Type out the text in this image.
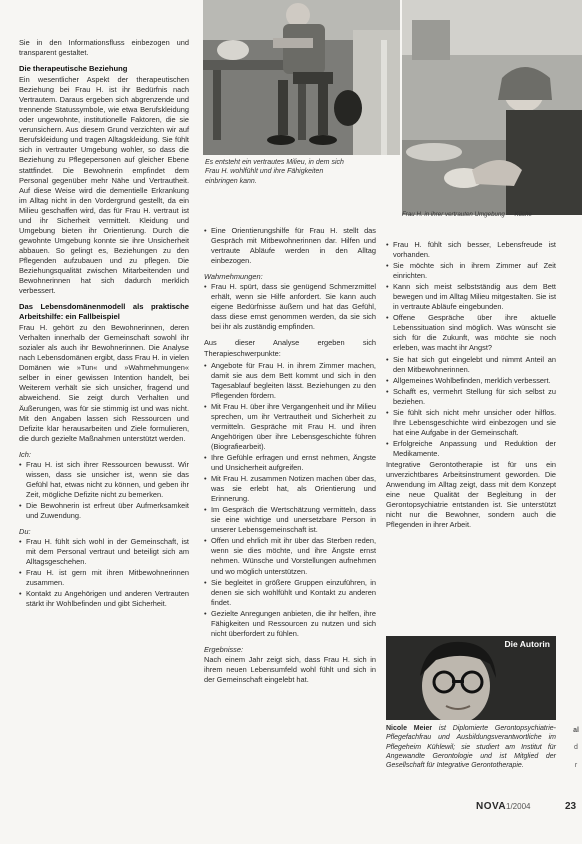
Sie in den Informationsfluss einbezogen und transparent gestaltet.

Die therapeutische Beziehung

Ein wesentlicher Aspekt der therapeutischen Beziehung bei Frau H. ist ihr Bedürfnis nach Vertrautem. Daraus ergeben sich abgrenzende und trennende Statussymbole, wie etwa Berufskleidung oder ungewohnte, institutionelle Faktoren, die sie verunsichern. Aus diesem Grund verzichten wir auf Berufskleidung und tragen Alltagskleidung. Sie fühlt sich in vertrauter Umgebung wohler, so dass die Beziehung zu Pflegepersonen auf gleicher Ebene stattfindet. Die Bewohnerin empfindet dem Personal gegenüber mehr Nähe und Vertrautheit. Auf diese Weise wird die dementielle Erkrankung im Alltag nicht in den Vordergrund gestellt, da ein Milieu geschaffen wird, das für Frau H. vertraut ist und ihr Sicherheit vermittelt. Kleidung und Umgebung bieten ihr Orientierung. Durch die gewohnte Umgebung konnte sie ihre Unsicherheit abbauen. So gelingt es, Beziehungen zu den Pflegenden aufzubauen und zu pflegen. Die Beziehungsqualität zwischen Mitarbeitenden und Bewohnerinnen hat sich dadurch merklich verbessert.

Das Lebensdomänenmodell als praktische Arbeitshilfe: ein Fallbeispiel

Frau H. gehört zu den Bewohnerinnen, deren Verhalten innerhalb der Gemeinschaft sowohl ihr sozialer als auch ihr Bewohnerinnen. Die Analyse nach Lebensdomänen ergibt, dass Frau H. in vielen Domänen wie »Tun« und »Wahrnehmungen« selber in einer gewissen Intention handelt, bei Weiterem verhält sie sich unsicher, fragend und abweichend. Sie zeigt durch Verhalten und Äußerungen, was für sie stimmig ist und was nicht. Mit den Angaben lassen sich Ressourcen und Defizite klar herausarbeiten und Ziele formulieren, die durch gezielte Maßnahmen unterstützt werden.

Ich:

• Frau H. ist sich ihrer Ressourcen bewusst. Wir wissen, dass sie unsicher ist, wenn sie das Gefühl hat, etwas nicht zu können, und geben ihr Zeit, mögliche Defizite nicht zu bemerken.
• Die Bewohnerin ist erfreut über Aufmerksamkeit und Zuwendung.

Du:

• Frau H. fühlt sich wohl in der Gemeinschaft, ist mit dem Personal vertraut und beteiligt sich am Alltagsgeschehen.
• Frau H. ist gern mit ihren Mitbewohnerinnen zusammen.
• Kontakt zu Angehörigen und anderen Vertrauten stärkt ihr Wohlbefinden und gibt Sicherheit.
Es entsteht ein vertrautes Milieu, in dem sich Frau H. wohlfühlt und ihre Fähigkeiten einbringen kann.
Frau H. in ihrer vertrauten Umgebung — Küche
• Eine Orientierungshilfe für Frau H. stellt das Gespräch mit Mitbewohnerinnen dar. Hilfen und vertraute Abläufe werden in den Alltag einbezogen.

Wahrnehmungen:

• Frau H. spürt, dass sie genügend Schmerzmittel erhält, wenn sie Hilfe anfordert. Sie kann auch eigene Bedürfnisse äußern und hat das Gefühl, dass diese ernst genommen werden, da sie sich bei ihr als zuständig empfinden.

Aus dieser Analyse ergeben sich Therapieschwerpunkte:

• Angebote für Frau H. in ihrem Zimmer machen, damit sie aus dem Bett kommt und sich in den Tagesablauf begleiten lässt. Beziehungen zu den Pflegenden fördern.
• Mit Frau H. über ihre Vergangenheit und ihr Milieu sprechen, um ihr Vertrautheit und Sicherheit zu vermitteln. Gespräche mit Frau H. und ihren Angehörigen über ihre Lebensgeschichte führen (Biografiearbeit).
• Ihre Gefühle erfragen und ernst nehmen, Ängste und Unsicherheit aufgreifen.
• Mit Frau H. zusammen Notizen machen über das, was sie erlebt hat, als Orientierung und Erinnerung.
• Im Gespräch die Wertschätzung vermitteln, dass sie eine wichtige und unersetzbare Person in unserer Lebensgemeinschaft ist.
• Offen und ehrlich mit ihr über das Sterben reden, wenn sie dies möchte, und ihre Ängste ernst nehmen. Wünsche und Vorstellungen aufnehmen und wo möglich unterstützen.
• Sie begleitet in größere Gruppen einzuführen, in denen sie sich wohlfühlt und Kontakt zu anderen findet.
• Gezielte Anregungen anbieten, die ihr helfen, ihre Fähigkeiten und Ressourcen zu nutzen und sich nicht überfordert zu fühlen.

Ergebnisse:

Nach einem Jahr zeigt sich, dass Frau H. sich in ihrem neuen Lebensumfeld wohl fühlt und sich in der Gemeinschaft eingelebt hat.

• Frau H. fühlt sich besser, Lebensfreude ist vorhanden.
• Sie möchte sich in ihrem Zimmer auf Zeit einrichten.
• Kann sich meist selbstständig aus dem Bett bewegen und im Alltag Milieu mitgestalten. Sie ist in vertraute Abläufe eingebunden.
• Offene Gespräche über ihre aktuelle Lebenssituation sind möglich. Was wünscht sie sich für die Zukunft, was möchte sie noch erleben, was macht ihr Angst?
• Sie hat sich gut eingelebt und nimmt Anteil an den Mitbewohnerinnen.
• Allgemeines Wohlbefinden, merklich verbessert.
• Schafft es, vermehrt Stellung für sich selbst zu beziehen.
• Sie fühlt sich nicht mehr unsicher oder hilflos. Ihre Lebensgeschichte wird einbezogen und sie hat eine Aufgabe in der Gemeinschaft.
• Erfolgreiche Anpassung und Reduktion der Medikamente.

Integrative Gerontotherapie ist für uns ein unverzichtbares Arbeitsinstrument geworden. Die Anwendung im Alltag zeigt, dass mit dem Konzept eine neue Qualität der Begleitung in der Gerontopsychiatrie entstanden ist. Sie unterstützt nicht nur die Bewohner, sondern auch die Pflegenden in ihrer Arbeit.

Die Autorin
Nicole Meier ist Diplomierte Gerontopsychiatrie-Pflegefachfrau und Ausbildungsverantwortliche im Pflegeheim Kühlewil; sie studiert am Institut für Angewandte Gerontologie und ist Mitglied der Gesellschaft für Integrative Gerontotherapie.
NOVA 1/2004	23
al
d
r
